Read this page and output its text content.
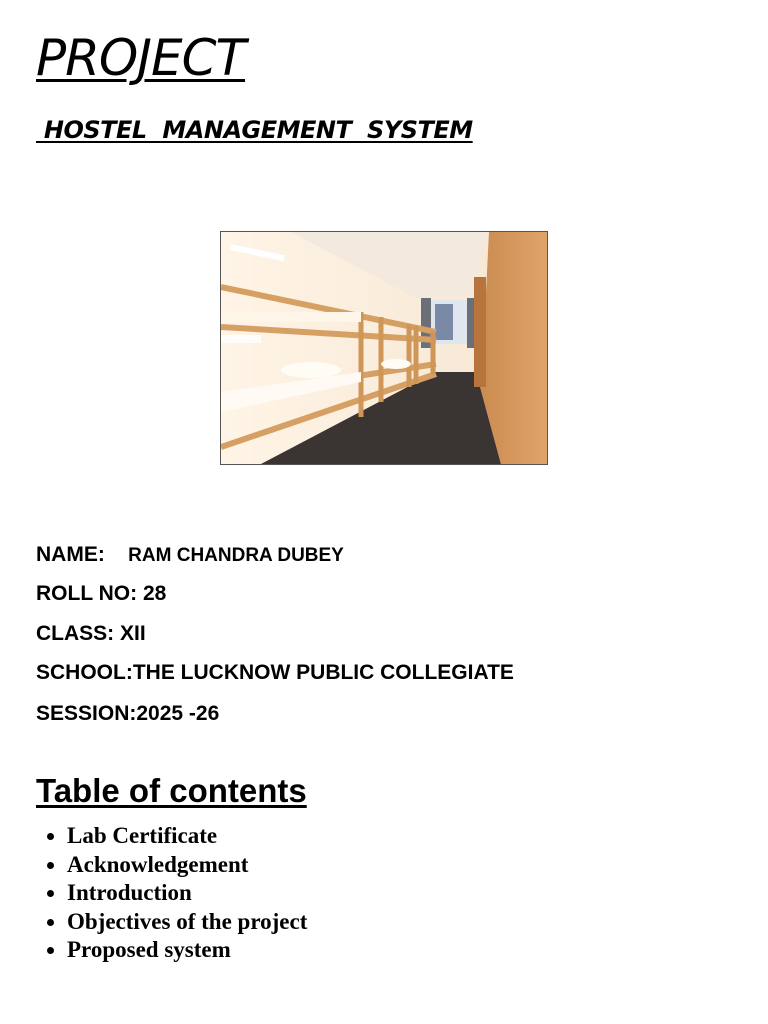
PROJECT
HOSTEL  MANAGEMENT  SYSTEM
NAME: RAM CHANDRA DUBEY
ROLL NO: 28
CLASS: XII
SCHOOL:THE LUCKNOW PUBLIC COLLEGIATE
SESSION:2025 -26
Table of contents
• Lab Certificate
• Acknowledgement
• Introduction
• Objectives of the project
• Proposed system
